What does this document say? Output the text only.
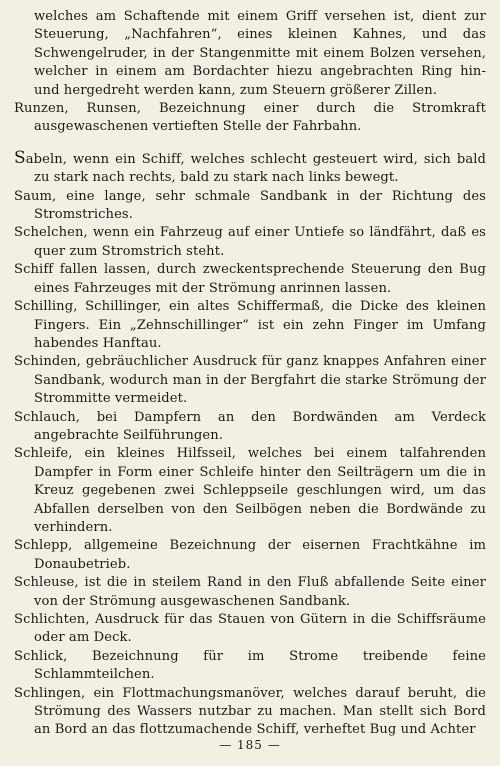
welches am Schaftende mit einem Griff versehen ist, dient zur Steuerung, „Nachfahren“, eines kleinen Kahnes, und das Schwengelruder, in der Stangenmitte mit einem Bolzen versehen, welcher in einem am Bordachter hiezu angebrachten Ring hin- und hergedreht werden kann, zum Steuern größerer Zillen.

Runzen, Runsen, Bezeichnung einer durch die Stromkraft ausgewaschenen vertieften Stelle der Fahrbahn.

Sabeln, wenn ein Schiff, welches schlecht gesteuert wird, sich bald zu stark nach rechts, bald zu stark nach links bewegt.

Saum, eine lange, sehr schmale Sandbank in der Richtung des Stromstriches.

Schelchen, wenn ein Fahrzeug auf einer Untiefe so ländfährt, daß es quer zum Stromstrich steht.

Schiff fallen lassen, durch zweckentsprechende Steuerung den Bug eines Fahrzeuges mit der Strömung anrinnen lassen.

Schilling, Schillinger, ein altes Schiffermaß, die Dicke des kleinen Fingers. Ein „Zehnschillinger“ ist ein zehn Finger im Umfang habendes Hanftau.

Schinden, gebräuchlicher Ausdruck für ganz knappes Anfahren einer Sandbank, wodurch man in der Bergfahrt die starke Strömung der Strommitte vermeidet.

Schlauch, bei Dampfern an den Bordwänden am Verdeck angebrachte Seilführungen.

Schleife, ein kleines Hilfsseil, welches bei einem talfahrenden Dampfer in Form einer Schleife hinter den Seilträgern um die in Kreuz gegebenen zwei Schleppseile geschlungen wird, um das Abfallen derselben von den Seilbögen neben die Bordwände zu verhindern.

Schlepp, allgemeine Bezeichnung der eisernen Frachtkähne im Donaubetrieb.

Schleuse, ist die in steilem Rand in den Fluß abfallende Seite einer von der Strömung ausgewaschenen Sandbank.

Schlichten, Ausdruck für das Stauen von Gütern in die Schiffsräume oder am Deck.

Schlick, Bezeichnung für im Strome treibende feine Schlammteilchen.

Schlingen, ein Flottmachungsmanöver, welches darauf beruht, die Strömung des Wassers nutzbar zu machen. Man stellt sich Bord an Bord an das flottzumachende Schiff, verheftet Bug und Achter

— 185 —
